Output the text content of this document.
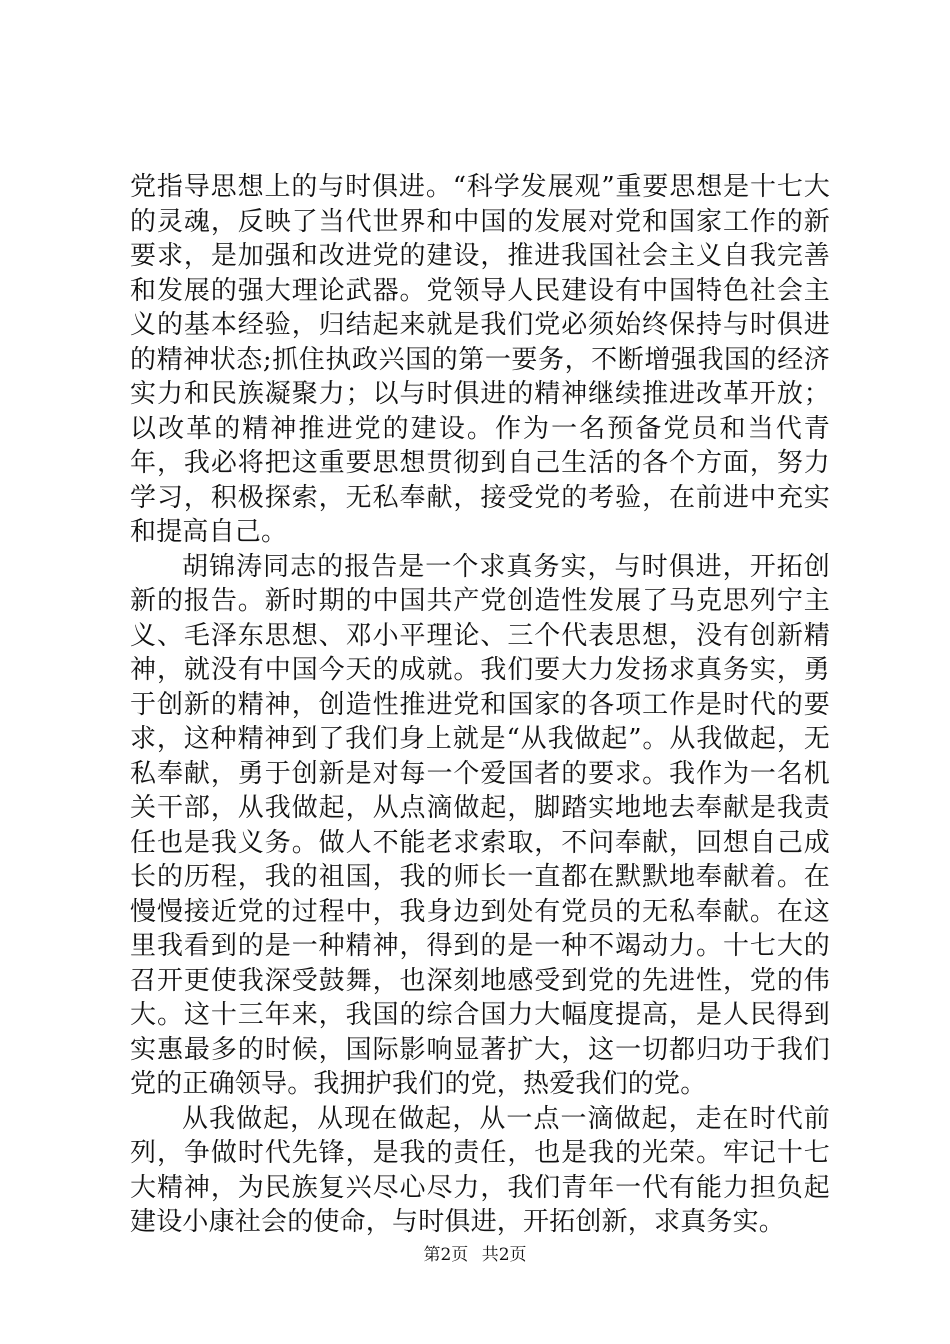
党指导思想上的与时俱进。“科学发展观”重要思想是十七大的灵魂，反映了当代世界和中国的发展对党和国家工作的新要求，是加强和改进党的建设，推进我国社会主义自我完善和发展的强大理论武器。党领导人民建设有中国特色社会主义的基本经验，归结起来就是我们党必须始终保持与时俱进的精神状态;抓住执政兴国的第一要务，不断增强我国的经济实力和民族凝聚力；以与时俱进的精神继续推进改革开放；以改革的精神推进党的建设。作为一名预备党员和当代青年，我必将把这重要思想贯彻到自己生活的各个方面，努力学习，积极探索，无私奉献，接受党的考验，在前进中充实和提高自己。

胡锦涛同志的报告是一个求真务实，与时俱进，开拓创新的报告。新时期的中国共产党创造性发展了马克思列宁主义、毛泽东思想、邓小平理论、三个代表思想，没有创新精神，就没有中国今天的成就。我们要大力发扬求真务实，勇于创新的精神，创造性推进党和国家的各项工作是时代的要求，这种精神到了我们身上就是“从我做起”。从我做起，无私奉献，勇于创新是对每一个爱国者的要求。我作为一名机关干部，从我做起，从点滴做起，脚踏实地地去奉献是我责任也是我义务。做人不能老求索取，不问奉献，回想自己成长的历程，我的祖国，我的师长一直都在默默地奉献着。在慢慢接近党的过程中，我身边到处有党员的无私奉献。在这里我看到的是一种精神，得到的是一种不竭动力。十七大的召开更使我深受鼓舞，也深刻地感受到党的先进性，党的伟大。这十三年来，我国的综合国力大幅度提高，是人民得到实惠最多的时候，国际影响显著扩大，这一切都归功于我们党的正确领导。我拥护我们的党，热爱我们的党。

从我做起，从现在做起，从一点一滴做起，走在时代前列，争做时代先锋，是我的责任，也是我的光荣。牢记十七大精神，为民族复兴尽心尽力，我们青年一代有能力担负起建设小康社会的使命，与时俱进，开拓创新，求真务实。

第2页 共2页
